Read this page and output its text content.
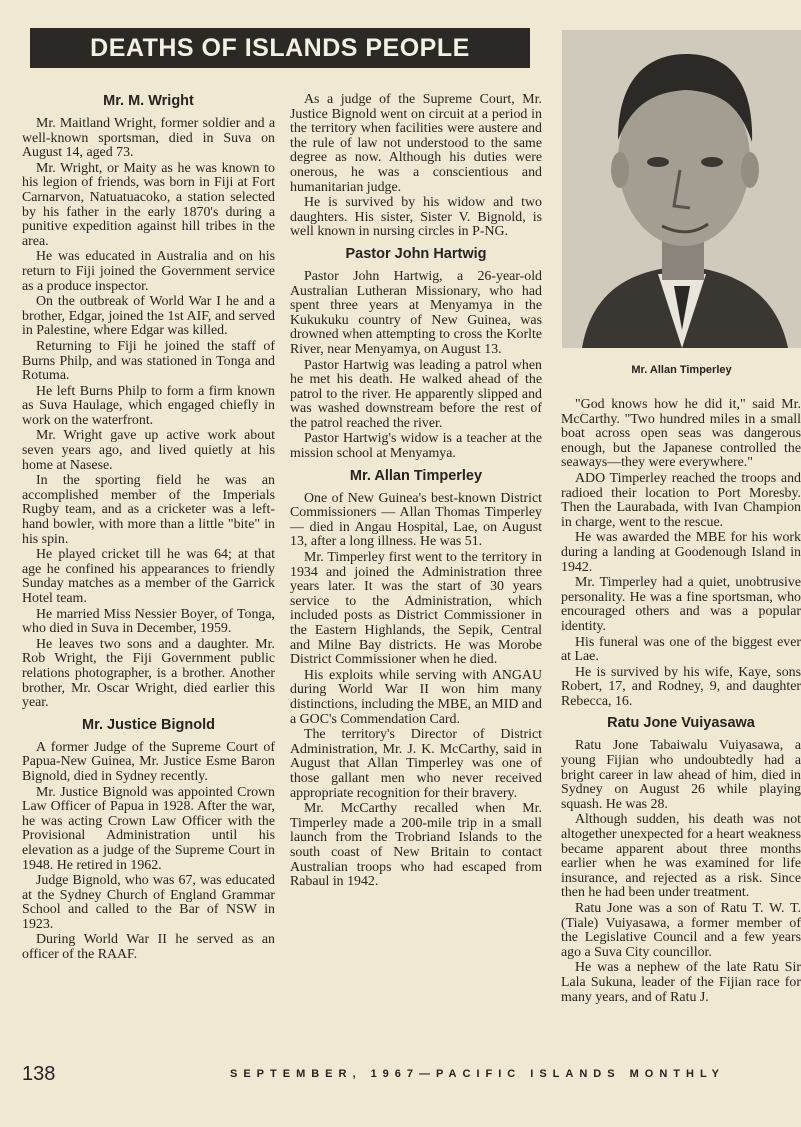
DEATHS OF ISLANDS PEOPLE
Mr. M. Wright

Mr. Maitland Wright, former soldier and a well-known sportsman, died in Suva on August 14, aged 73.

Mr. Wright, or Maity as he was known to his legion of friends, was born in Fiji at Fort Carnarvon, Natuatuacoko, a station selected by his father in the early 1870's during a punitive expedition against hill tribes in the area.

He was educated in Australia and on his return to Fiji joined the Government service as a produce inspector.

On the outbreak of World War I he and a brother, Edgar, joined the 1st AIF, and served in Palestine, where Edgar was killed.

Returning to Fiji he joined the staff of Burns Philp, and was stationed in Tonga and Rotuma.

He left Burns Philp to form a firm known as Suva Haulage, which engaged chiefly in work on the waterfront.

Mr. Wright gave up active work about seven years ago, and lived quietly at his home at Nasese.

In the sporting field he was an accomplished member of the Imperials Rugby team, and as a cricketer was a left-hand bowler, with more than a little "bite" in his spin.

He played cricket till he was 64; at that age he confined his appearances to friendly Sunday matches as a member of the Garrick Hotel team.

He married Miss Nessier Boyer, of Tonga, who died in Suva in December, 1959.

He leaves two sons and a daughter. Mr. Rob Wright, the Fiji Government public relations photographer, is a brother. Another brother, Mr. Oscar Wright, died earlier this year.

Mr. Justice Bignold

A former Judge of the Supreme Court of Papua-New Guinea, Mr. Justice Esme Baron Bignold, died in Sydney recently.

Mr. Justice Bignold was appointed Crown Law Officer of Papua in 1928. After the war, he was acting Crown Law Officer with the Provisional Administration until his elevation as a judge of the Supreme Court in 1948. He retired in 1962.

Judge Bignold, who was 67, was educated at the Sydney Church of England Grammar School and called to the Bar of NSW in 1923.

During World War II he served as an officer of the RAAF.

As a judge of the Supreme Court, Mr. Justice Bignold went on circuit at a period in the territory when facilities were austere and the rule of law not understood to the same degree as now. Although his duties were onerous, he was a conscientious and humanitarian judge.

He is survived by his widow and two daughters. His sister, Sister V. Bignold, is well known in nursing circles in P-NG.

Pastor John Hartwig

Pastor John Hartwig, a 26-year-old Australian Lutheran Missionary, who had spent three years at Menyamya in the Kukukuku country of New Guinea, was drowned when attempting to cross the Korlte River, near Menyamya, on August 13.

Pastor Hartwig was leading a patrol when he met his death. He walked ahead of the patrol to the river. He apparently slipped and was washed downstream before the rest of the patrol reached the river.

Pastor Hartwig's widow is a teacher at the mission school at Menyamya.

Mr. Allan Timperley

One of New Guinea's best-known District Commissioners — Allan Thomas Timperley — died in Angau Hospital, Lae, on August 13, after a long illness. He was 51.

Mr. Timperley first went to the territory in 1934 and joined the Administration three years later. It was the start of 30 years service to the Administration, which included posts as District Commissioner in the Eastern Highlands, the Sepik, Central and Milne Bay districts. He was Morobe District Commissioner when he died.

His exploits while serving with ANGAU during World War II won him many distinctions, including the MBE, an MID and a GOC's Commendation Card.

The territory's Director of District Administration, Mr. J. K. McCarthy, said in August that Allan Timperley was one of those gallant men who never received appropriate recognition for their bravery.

Mr. McCarthy recalled when Mr. Timperley made a 200-mile trip in a small launch from the Trobriand Islands to the south coast of New Britain to contact Australian troops who had escaped from Rabaul in 1942.

Mr. Allan Timperley

"God knows how he did it," said Mr. McCarthy. "Two hundred miles in a small boat across open seas was dangerous enough, but the Japanese controlled the seaways—they were everywhere."

ADO Timperley reached the troops and radioed their location to Port Moresby. Then the Laurabada, with Ivan Champion in charge, went to the rescue.

He was awarded the MBE for his work during a landing at Goodenough Island in 1942.

Mr. Timperley had a quiet, unobtrusive personality. He was a fine sportsman, who encouraged others and was a popular identity.

His funeral was one of the biggest ever at Lae.

He is survived by his wife, Kaye, sons Robert, 17, and Rodney, 9, and daughter Rebecca, 16.

Ratu Jone Vuiyasawa

Ratu Jone Tabaiwalu Vuiyasawa, a young Fijian who undoubtedly had a bright career in law ahead of him, died in Sydney on August 26 while playing squash. He was 28.

Although sudden, his death was not altogether unexpected for a heart weakness became apparent about three months earlier when he was examined for life insurance, and rejected as a risk. Since then he had been under treatment.

Ratu Jone was a son of Ratu T. W. T. (Tiale) Vuiyasawa, a former member of the Legislative Council and a few years ago a Suva City councillor.

He was a nephew of the late Ratu Sir Lala Sukuna, leader of the Fijian race for many years, and of Ratu J.

138	SEPTEMBER, 1967—PACIFIC ISLANDS MONTHLY
